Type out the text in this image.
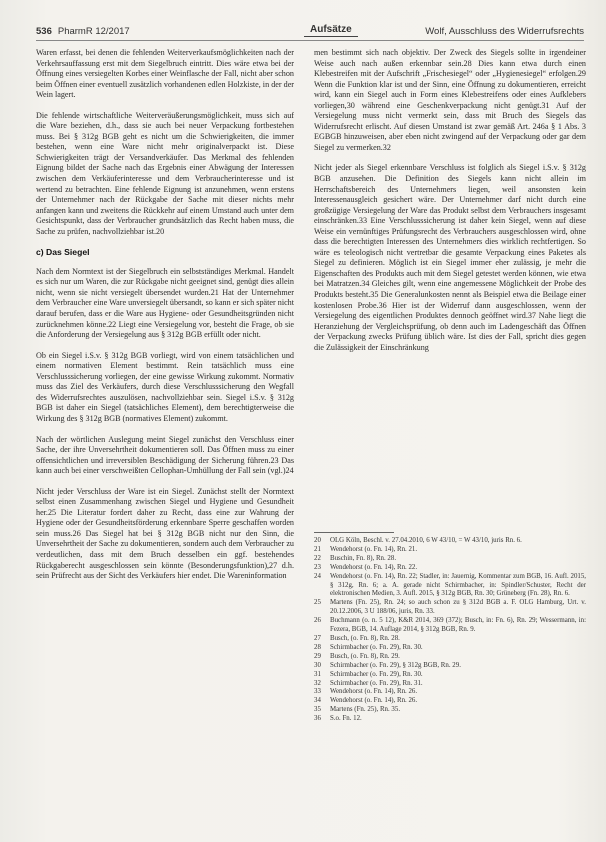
536 PharmR 12/2017	Aufsätze	Wolf, Ausschluss des Widerrufsrechts

Waren erfasst, bei denen die fehlenden Weiterverkaufsmöglichkeiten nach der Verkehrsauffassung erst mit dem Siegelbruch eintritt. Dies wäre etwa bei der Öffnung eines versiegelten Korbes einer Weinflasche der Fall, nicht aber schon beim Öffnen einer eventuell zusätzlich vorhandenen edlen Holzkiste, in der der Wein lagert.

Die fehlende wirtschaftliche Weiterveräußerungsmöglichkeit, muss sich auf die Ware beziehen, d.h., dass sie auch bei neuer Verpackung fortbestehen muss. Bei § 312g BGB geht es nicht um die Schwierigkeiten, die immer bestehen, wenn eine Ware nicht mehr originalverpackt ist. Diese Schwierigkeiten trägt der Versandverkäufer. Das Merkmal des fehlenden Eignung bildet der Sache nach das Ergebnis einer Abwägung der Interessen zwischen dem Verkäuferinteresse und dem Verbraucherinteresse und ist wertend zu betrachten. Eine fehlende Eignung ist anzunehmen, wenn erstens der Unternehmer nach der Rückgabe der Sache mit dieser nichts mehr anfangen kann und zweitens die Rückkehr auf einem Umstand auch unter dem Gesichtspunkt, dass der Verbraucher grundsätzlich das Recht haben muss, die Sache zu prüfen, nachvollziehbar ist.20

c) Das Siegel

Nach dem Normtext ist der Siegelbruch ein selbstständiges Merkmal. Handelt es sich nur um Waren, die zur Rückgabe nicht geeignet sind, genügt dies allein nicht, wenn sie nicht versiegelt übersendet wurden.21 Hat der Unternehmer dem Verbraucher eine Ware unversiegelt übersandt, so kann er sich später nicht darauf berufen, dass er die Ware aus Hygiene- oder Gesundheitsgründen nicht zurücknehmen könne.22 Liegt eine Versiegelung vor, besteht die Frage, ob sie die Anforderung der Versiegelung aus § 312g BGB erfüllt oder nicht.

Ob ein Siegel i.S.v. § 312g BGB vorliegt, wird von einem tatsächlichen und einem normativen Element bestimmt. Rein tatsächlich muss eine Verschlusssicherung vorliegen, der eine gewisse Wirkung zukommt. Normativ muss das Ziel des Verkäufers, durch diese Verschlusssicherung den Wegfall des Widerrufsrechtes auszulösen, nachvollziehbar sein. Siegel i.S.v. § 312g BGB ist daher ein Siegel (tatsächliches Element), dem berechtigterweise die Wirkung des § 312g BGB (normatives Element) zukommt.

Nach der wörtlichen Auslegung meint Siegel zunächst den Verschluss einer Sache, der ihre Unversehrtheit dokumentieren soll. Das Öffnen muss zu einer offensichtlichen und irreversiblen Beschädigung der Sicherung führen.23 Das kann auch bei einer verschweißten Cellophan-Umhüllung der Fall sein (vgl.)24

Nicht jeder Verschluss der Ware ist ein Siegel. Zunächst stellt der Normtext selbst einen Zusammenhang zwischen Siegel und Hygiene und Gesundheit her.25 Die Literatur fordert daher zu Recht, dass eine zur Wahrung der Hygiene oder der Gesundheitsförderung erkennbare Sperre geschaffen worden sein muss.26 Das Siegel hat bei § 312g BGB nicht nur den Sinn, die Unversehrtheit der Sache zu dokumentieren, sondern auch dem Verbraucher zu verdeutlichen, dass mit dem Bruch desselben ein ggf. bestehendes Rückgaberecht ausgeschlossen sein könnte (Besonderungsfunktion),27 d.h. sein Prüfrecht aus der Sicht des Verkäufers hier endet. Die Wareninformation

men bestimmt sich nach objektiv. Der Zweck des Siegels sollte in irgendeiner Weise auch nach außen erkennbar sein.28 Dies kann etwa durch einen Klebestreifen mit der Aufschrift „Frischesiegel“ oder „Hygienesiegel“ erfolgen.29 Wenn die Funktion klar ist und der Sinn, eine Öffnung zu dokumentieren, erreicht wird, kann ein Siegel auch in Form eines Klebestreifens oder eines Aufklebers vorliegen,30 während eine Geschenkverpackung nicht genügt.31 Auf der Versiegelung muss nicht vermerkt sein, dass mit Bruch des Siegels das Widerrufsrecht erlischt. Auf diesen Umstand ist zwar gemäß Art. 246a § 1 Abs. 3 EGBGB hinzuweisen, aber eben nicht zwingend auf der Verpackung oder gar dem Siegel zu vermerken.32

Nicht jeder als Siegel erkennbare Verschluss ist folglich als Siegel i.S.v. § 312g BGB anzusehen. Die Definition des Siegels kann nicht allein im Herrschaftsbereich des Unternehmers liegen, weil ansonsten kein Interessenausgleich gesichert wäre. Der Unternehmer darf nicht durch eine großzügige Versiegelung der Ware das Produkt selbst dem Verbrauchers insgesamt einschränken.33 Eine Verschlusssicherung ist daher kein Siegel, wenn auf diese Weise ein vernünftiges Prüfungsrecht des Verbrauchers ausgeschlossen wird, ohne dass die berechtigten Interessen des Unternehmers dies wirklich rechtfertigen. So wäre es teleologisch nicht vertretbar die gesamte Verpackung eines Paketes als Siegel zu definieren. Möglich ist ein Siegel immer eher zulässig, je mehr die Eigenschaften des Produkts auch mit dem Siegel getestet werden können, wie etwa bei Matratzen.34 Gleiches gilt, wenn eine angemessene Möglichkeit der Probe des Produkts besteht.35 Die Generalunkosten nennt als Beispiel etwa die Beilage einer kostenlosen Probe.36 Hier ist der Widerruf dann ausgeschlossen, wenn der Versiegelung des eigentlichen Produktes dennoch geöffnet wird.37 Nahe liegt die Heranziehung der Vergleichsprüfung, ob denn auch im Ladengeschäft das Öffnen der Verpackung zwecks Prüfung üblich wäre. Ist dies der Fall, spricht dies gegen die Zulässigkeit der Einschränkung

20	OLG Köln, Beschl. v. 27.04.2010, 6 W 43/10, = W 43/10, juris Rn. 6.
21	Wendehorst (o. Fn. 14), Rn. 21.
22	Buschin, Fn. 8), Rn. 28.
23	Wendehorst (o. Fn. 14), Rn. 22.
24	Wendehorst (o. Fn. 14), Rn. 22; Stadler, in: Jauernig, Kommentar zum BGB, 16. Aufl. 2015, § 312g, Rn. 6; a. A. gerade nicht Schirmbacher, in: Spindler/Schuster, Recht der elektronischen Medien, 3. Aufl. 2015, § 312g BGB, Rn. 30; Grüneberg (Fn. 28), Rn. 6.
25	Martens (Fn. 25), Rn. 24; so auch schon zu § 312d BGB a. F. OLG Hamburg, Urt. v. 20.12.2006, 3 U 188/06, juris, Rn. 33.
26	Buchmann (o. n. 5 12), K&R 2014, 369 (372); Busch, in: Fn. 6), Rn. 29; Wessermann, in: Fezera, BGB, 14. Auflage 2014, § 312g BGB, Rn. 9.
27	Busch, (o. Fn. 8), Rn. 28.
28	Schirmbacher (o. Fn. 29), Rn. 30.
29	Busch, (o. Fn. 8), Rn. 29.
30	Schirmbacher (o. Fn. 29), § 312g BGB, Rn. 29.
31	Schirmbacher (o. Fn. 29), Rn. 30.
32	Schirmbacher (o. Fn. 29), Rn. 31.
33	Wendehorst (o. Fn. 14), Rn. 26.
34	Wendehorst (o. Fn. 14), Rn. 26.
35	Martens (Fn. 25), Rn. 35.
36	S.o. Fn. 12.
